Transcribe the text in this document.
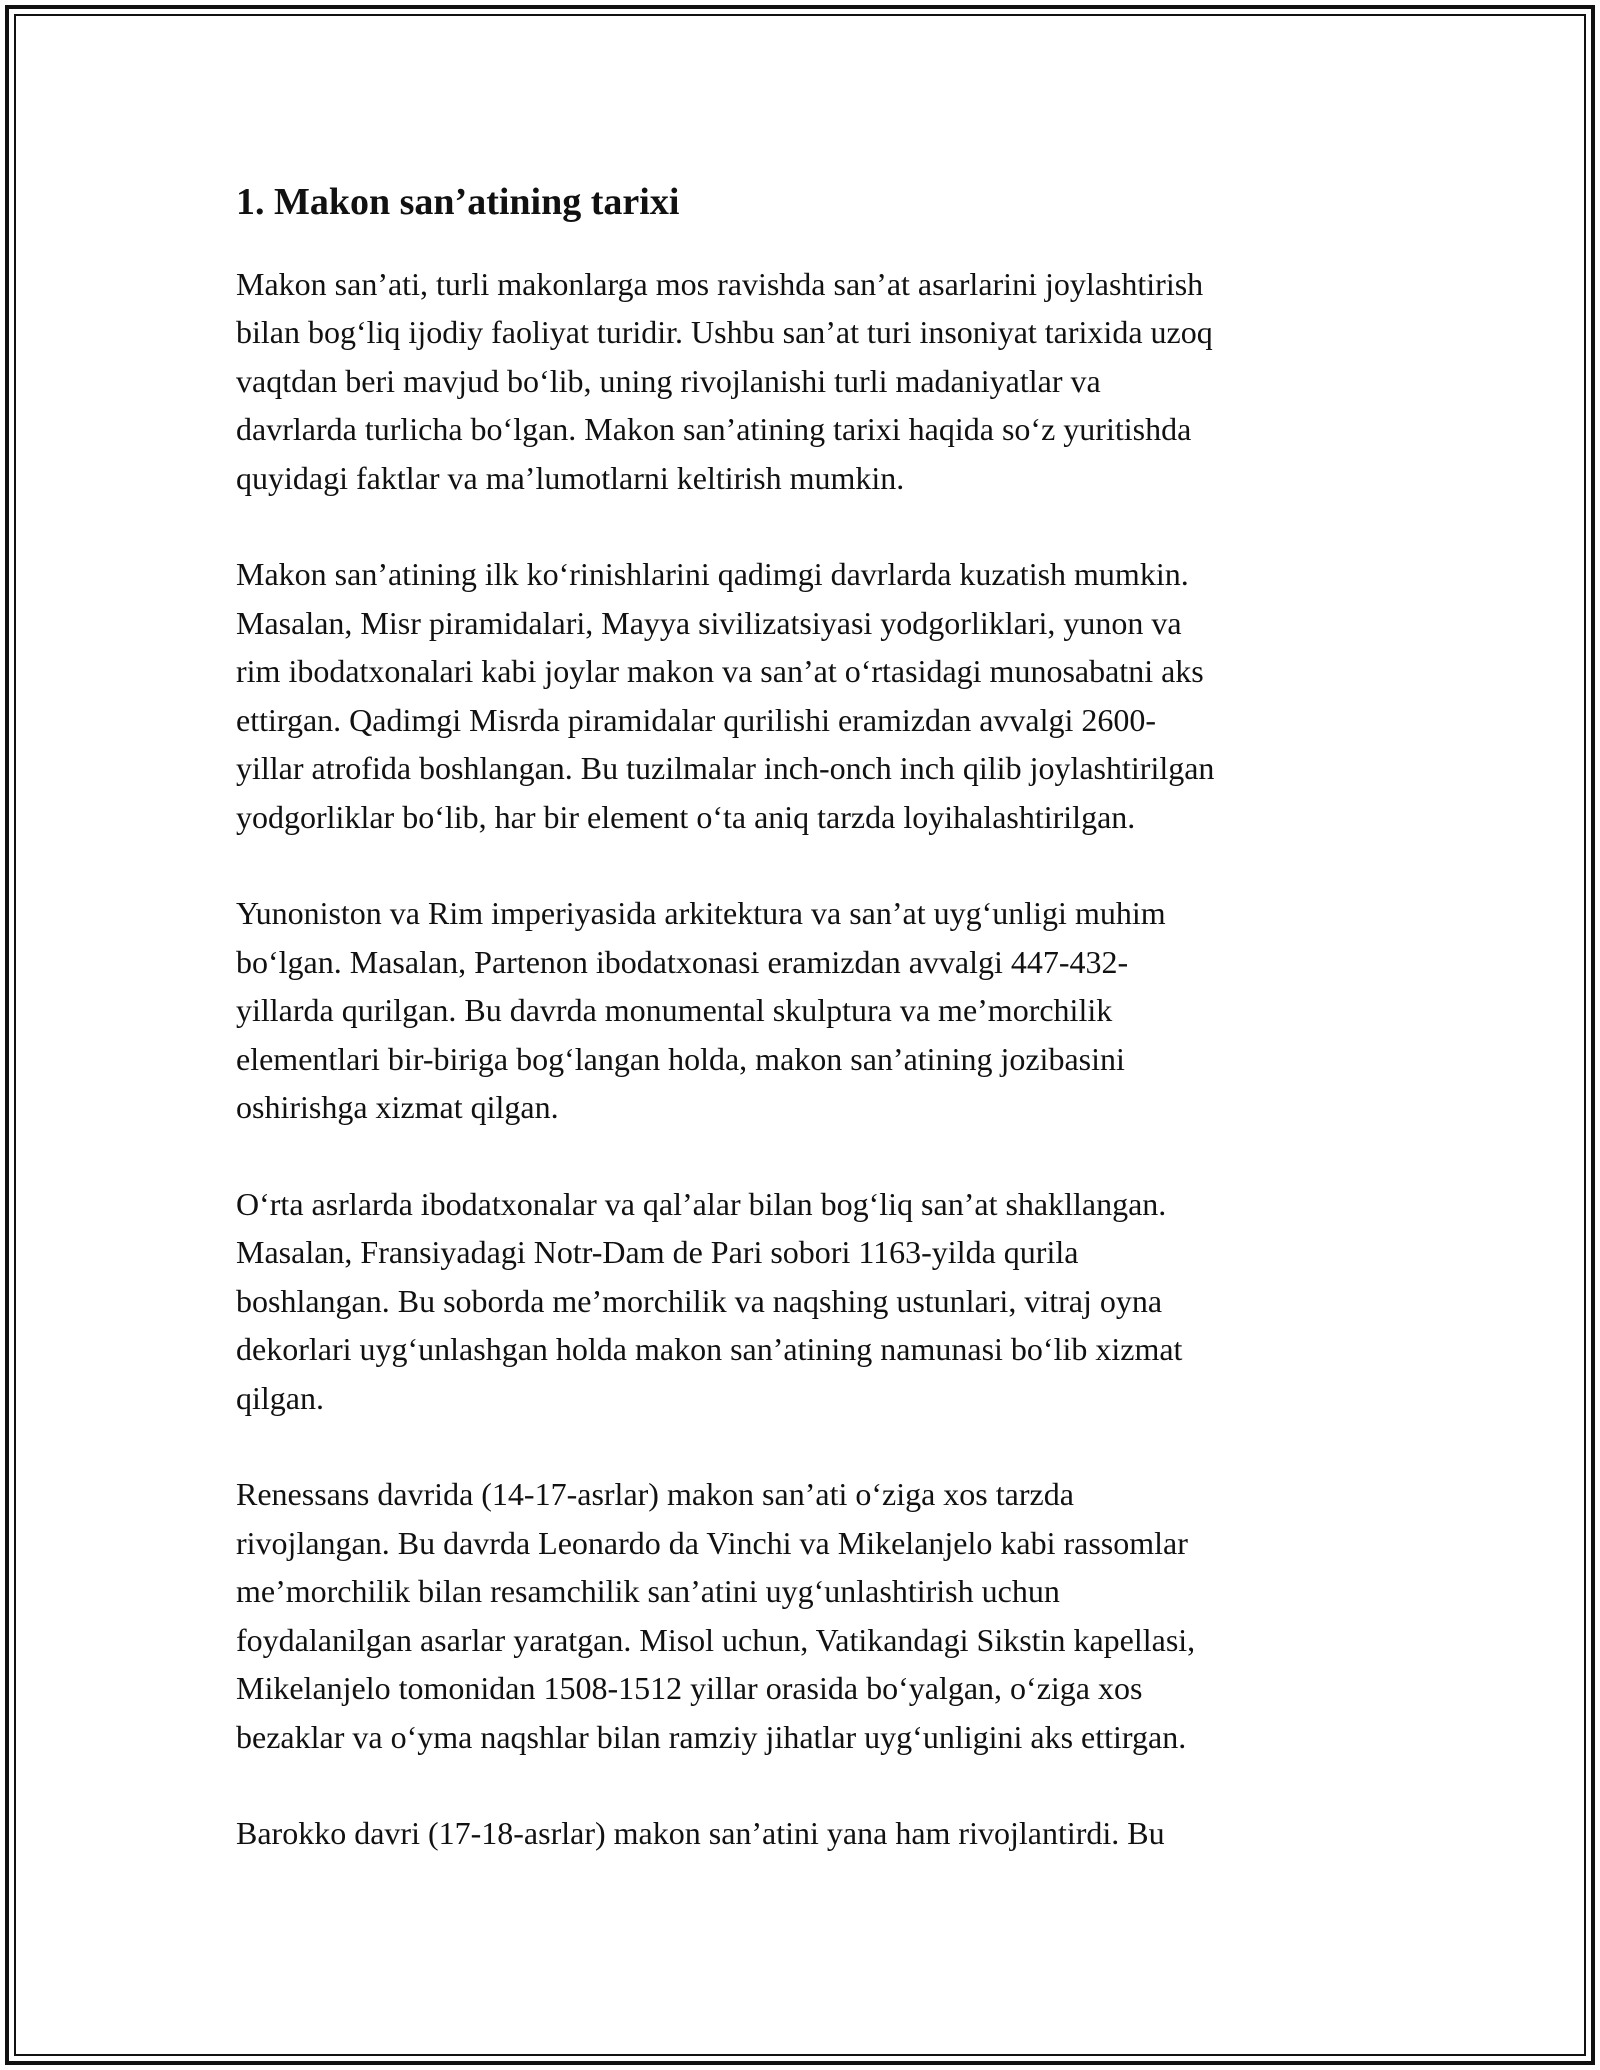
1. Makon san’atining tarixi

Makon san’ati, turli makonlarga mos ravishda san’at asarlarini joylashtirish
bilan bog‘liq ijodiy faoliyat turidir. Ushbu san’at turi insoniyat tarixida uzoq
vaqtdan beri mavjud bo‘lib, uning rivojlanishi turli madaniyatlar va
davrlarda turlicha bo‘lgan. Makon san’atining tarixi haqida so‘z yuritishda
quyidagi faktlar va ma’lumotlarni keltirish mumkin.

Makon san’atining ilk ko‘rinishlarini qadimgi davrlarda kuzatish mumkin.
Masalan, Misr piramidalari, Mayya sivilizatsiyasi yodgorliklari, yunon va
rim ibodatxonalari kabi joylar makon va san’at o‘rtasidagi munosabatni aks
ettirgan. Qadimgi Misrda piramidalar qurilishi eramizdan avvalgi 2600-
yillar atrofida boshlangan. Bu tuzilmalar inch-onch inch qilib joylashtirilgan
yodgorliklar bo‘lib, har bir element o‘ta aniq tarzda loyihalashtirilgan.

Yunoniston va Rim imperiyasida arkitektura va san’at uyg‘unligi muhim
bo‘lgan. Masalan, Partenon ibodatxonasi eramizdan avvalgi 447-432-
yillarda qurilgan. Bu davrda monumental skulptura va me’morchilik
elementlari bir-biriga bog‘langan holda, makon san’atining jozibasini
oshirishga xizmat qilgan.

O‘rta asrlarda ibodatxonalar va qal’alar bilan bog‘liq san’at shakllangan.
Masalan, Fransiyadagi Notr-Dam de Pari sobori 1163-yilda qurila
boshlangan. Bu soborda me’morchilik va naqshing ustunlari, vitraj oyna
dekorlari uyg‘unlashgan holda makon san’atining namunasi bo‘lib xizmat
qilgan.

Renessans davrida (14-17-asrlar) makon san’ati o‘ziga xos tarzda
rivojlangan. Bu davrda Leonardo da Vinchi va Mikelanjelo kabi rassomlar
me’morchilik bilan resamchilik san’atini uyg‘unlashtirish uchun
foydalanilgan asarlar yaratgan. Misol uchun, Vatikandagi Sikstin kapellasi,
Mikelanjelo tomonidan 1508-1512 yillar orasida bo‘yalgan, o‘ziga xos
bezaklar va o‘yma naqshlar bilan ramziy jihatlar uyg‘unligini aks ettirgan.

Barokko davri (17-18-asrlar) makon san’atini yana ham rivojlantirdi. Bu
